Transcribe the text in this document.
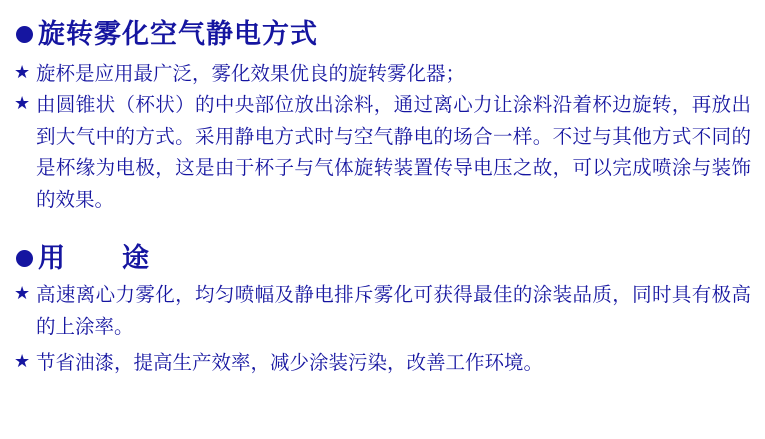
旋转雾化空气静电方式
★ 旋杯是应用最广泛，雾化效果优良的旋转雾化器；
★ 由圆锥状（杯状）的中央部位放出涂料，通过离心力让涂料沿着杯边旋转，再放出到大气中的方式。采用静电方式时与空气静电的场合一样。不过与其他方式不同的是杯缘为电极，这是由于杯子与气体旋转装置传导电压之故，可以完成喷涂与装饰的效果。
用　　途
★ 高速离心力雾化，均匀喷幅及静电排斥雾化可获得最佳的涂装品质，同时具有极高的上涂率。
★ 节省油漆，提高生产效率，减少涂装污染，改善工作环境。
